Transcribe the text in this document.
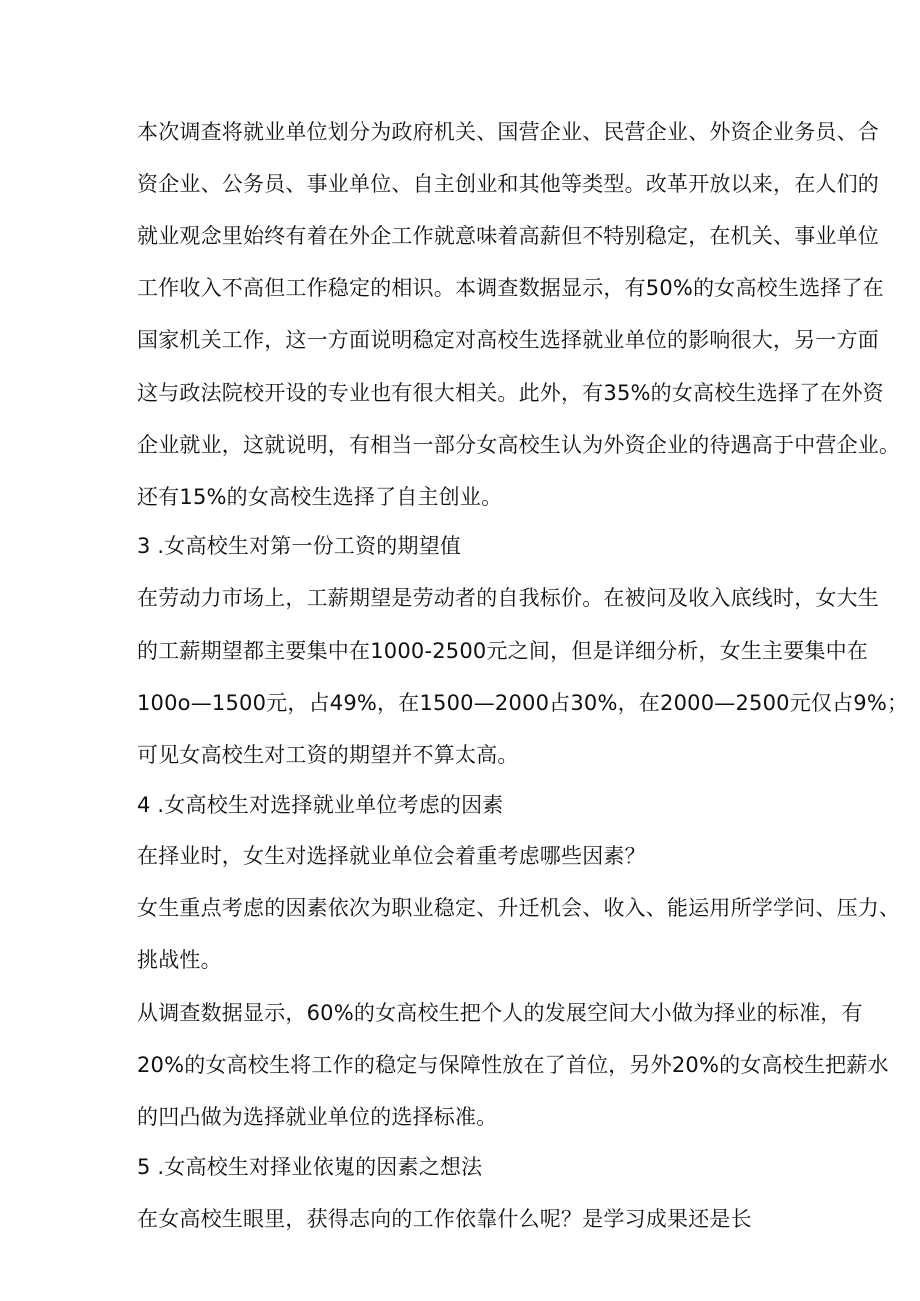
本次调查将就业单位划分为政府机关、国营企业、民营企业、外资企业务员、合
资企业、公务员、事业单位、自主创业和其他等类型。改革开放以来，在人们的
就业观念里始终有着在外企工作就意味着高薪但不特别稳定，在机关、事业单位
工作收入不高但工作稳定的相识。本调查数据显示，有50%的女高校生选择了在
国家机关工作，这一方面说明稳定对高校生选择就业单位的影响很大，另一方面
这与政法院校开设的专业也有很大相关。此外，有35%的女高校生选择了在外资
企业就业，这就说明，有相当一部分女高校生认为外资企业的待遇高于中营企业。
还有15%的女高校生选择了自主创业。
3 .女高校生对第一份工资的期望值
在劳动力市场上，工薪期望是劳动者的自我标价。在被问及收入底线时，女大生
的工薪期望都主要集中在1000-2500元之间，但是详细分析，女生主要集中在
100o—1500元，占49%，在1500—2000占30%，在2000—2500元仅占9%；
可见女高校生对工资的期望并不算太高。
4 .女高校生对选择就业单位考虑的因素
在择业时，女生对选择就业单位会着重考虑哪些因素？
女生重点考虑的因素依次为职业稳定、升迁机会、收入、能运用所学学问、压力、
挑战性。
从调查数据显示，60%的女高校生把个人的发展空间大小做为择业的标准，有
20%的女高校生将工作的稳定与保障性放在了首位，另外20%的女高校生把薪水
的凹凸做为选择就业单位的选择标准。
5 .女高校生对择业依嵬的因素之想法
在女高校生眼里，获得志向的工作依靠什么呢？是学习成果还是长
